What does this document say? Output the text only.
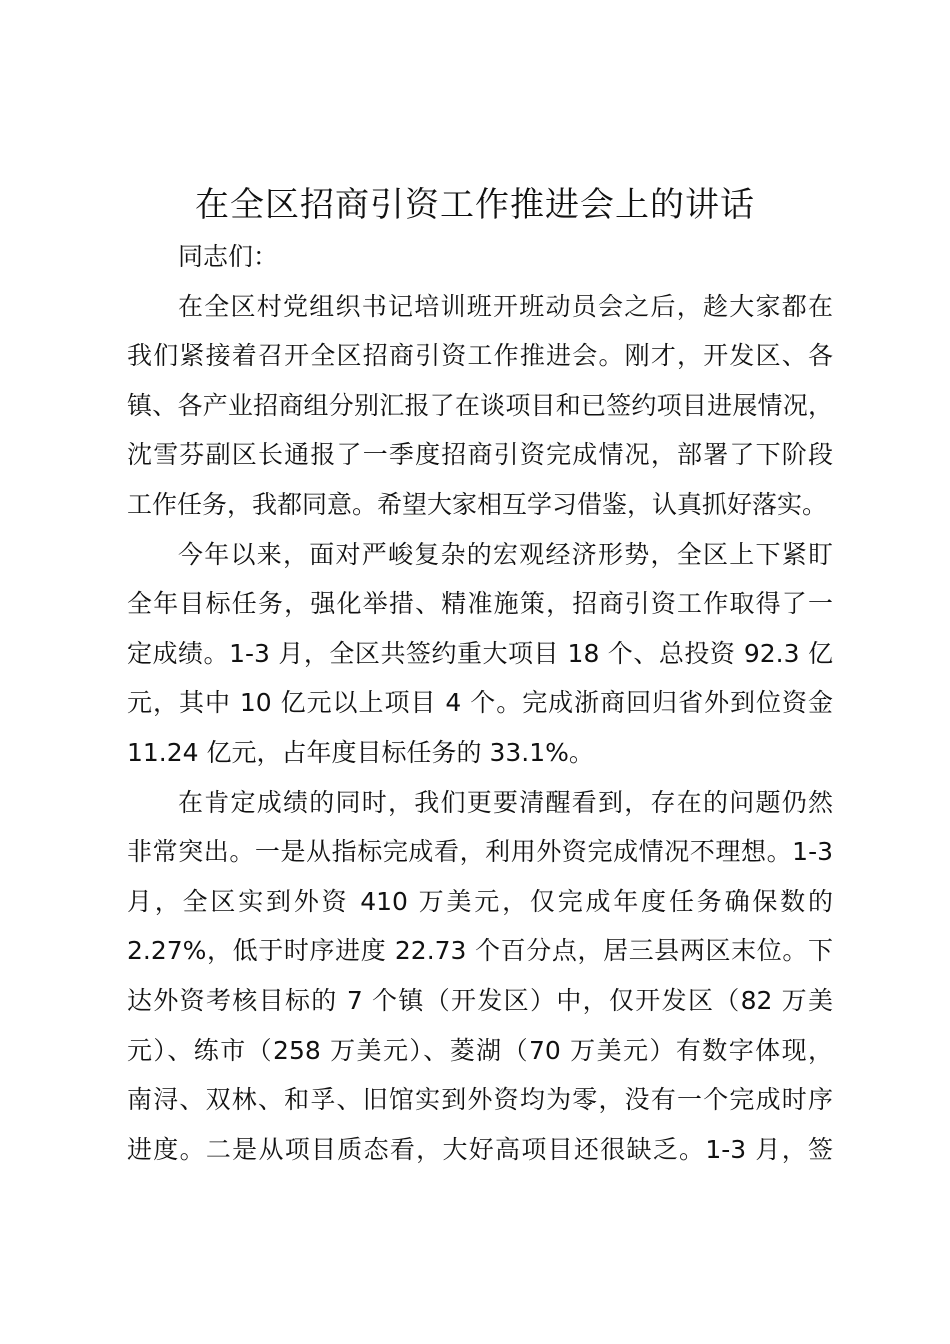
在全区招商引资工作推进会上的讲话
同志们：
在全区村党组织书记培训班开班动员会之后，趁大家都在
我们紧接着召开全区招商引资工作推进会。刚才，开发区、各
镇、各产业招商组分别汇报了在谈项目和已签约项目进展情况，
沈雪芬副区长通报了一季度招商引资完成情况，部署了下阶段
工作任务，我都同意。希望大家相互学习借鉴，认真抓好落实。
今年以来，面对严峻复杂的宏观经济形势，全区上下紧盯
全年目标任务，强化举措、精准施策，招商引资工作取得了一
定成绩。1-3 月，全区共签约重大项目 18 个、总投资 92.3 亿
元，其中 10 亿元以上项目 4 个。完成浙商回归省外到位资金
11.24 亿元，占年度目标任务的 33.1%。
在肯定成绩的同时，我们更要清醒看到，存在的问题仍然
非常突出。一是从指标完成看，利用外资完成情况不理想。1-3
月，全区实到外资 410 万美元，仅完成年度任务确保数的
2.27%，低于时序进度 22.73 个百分点，居三县两区末位。下
达外资考核目标的 7 个镇（开发区）中，仅开发区（82 万美
元）、练市（258 万美元）、菱湖（70 万美元）有数字体现，
南浔、双林、和孚、旧馆实到外资均为零，没有一个完成时序
进度。二是从项目质态看，大好高项目还很缺乏。1-3 月，签
